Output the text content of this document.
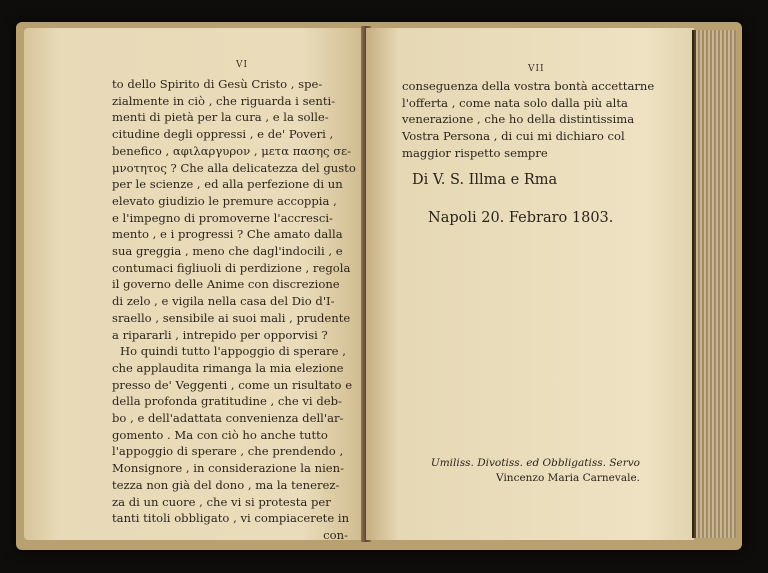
VI
to dello Spirito di Gesù Cristo , spe-
zialmente in ciò , che riguarda i senti-
menti di pietà per la cura , e la solle-
citudine degli oppressi , e de' Poveri ,
benefico , αφιλαργυρον , μετα πασης σε-
μνοτητος ? Che alla delicatezza del gusto
per le scienze , ed alla perfezione di un
elevato giudizio le premure accoppia ,
e l'impegno di promoverne l'accresci-
mento , e i progressi ? Che amato dalla
sua greggia , meno che dagl'indocili , e
contumaci figliuoli di perdizione , regola
il governo delle Anime con discrezione
di zelo , e vigila nella casa del Dio d'I-
sraello , sensibile ai suoi mali , prudente
a ripararli , intrepido per opporvisi ?
Ho quindi tutto l'appoggio di sperare ,
che applaudita rimanga la mia elezione
presso de' Veggenti , come un risultato e
della profonda gratitudine , che vi deb-
bo , e dell'adattata convenienza dell'ar-
gomento . Ma con ciò ho anche tutto
l'appoggio di sperare , che prendendo ,
Monsignore , in considerazione la nien-
tezza non già del dono , ma la tenerez-
za di un cuore , che vi si protesta per
tanti titoli obbligato , vi compiacerete in
con-
VII
conseguenza della vostra bontà accettarne
l'offerta , come nata solo dalla più alta
venerazione , che ho della distintissima
Vostra Persona , di cui mi dichiaro col
maggior rispetto sempre
Di V. S. Illma e Rma
Napoli 20. Febraro 1803.
Umiliss. Divotiss. ed Obbligatiss. Servo
Vincenzo Maria Carnevale.
